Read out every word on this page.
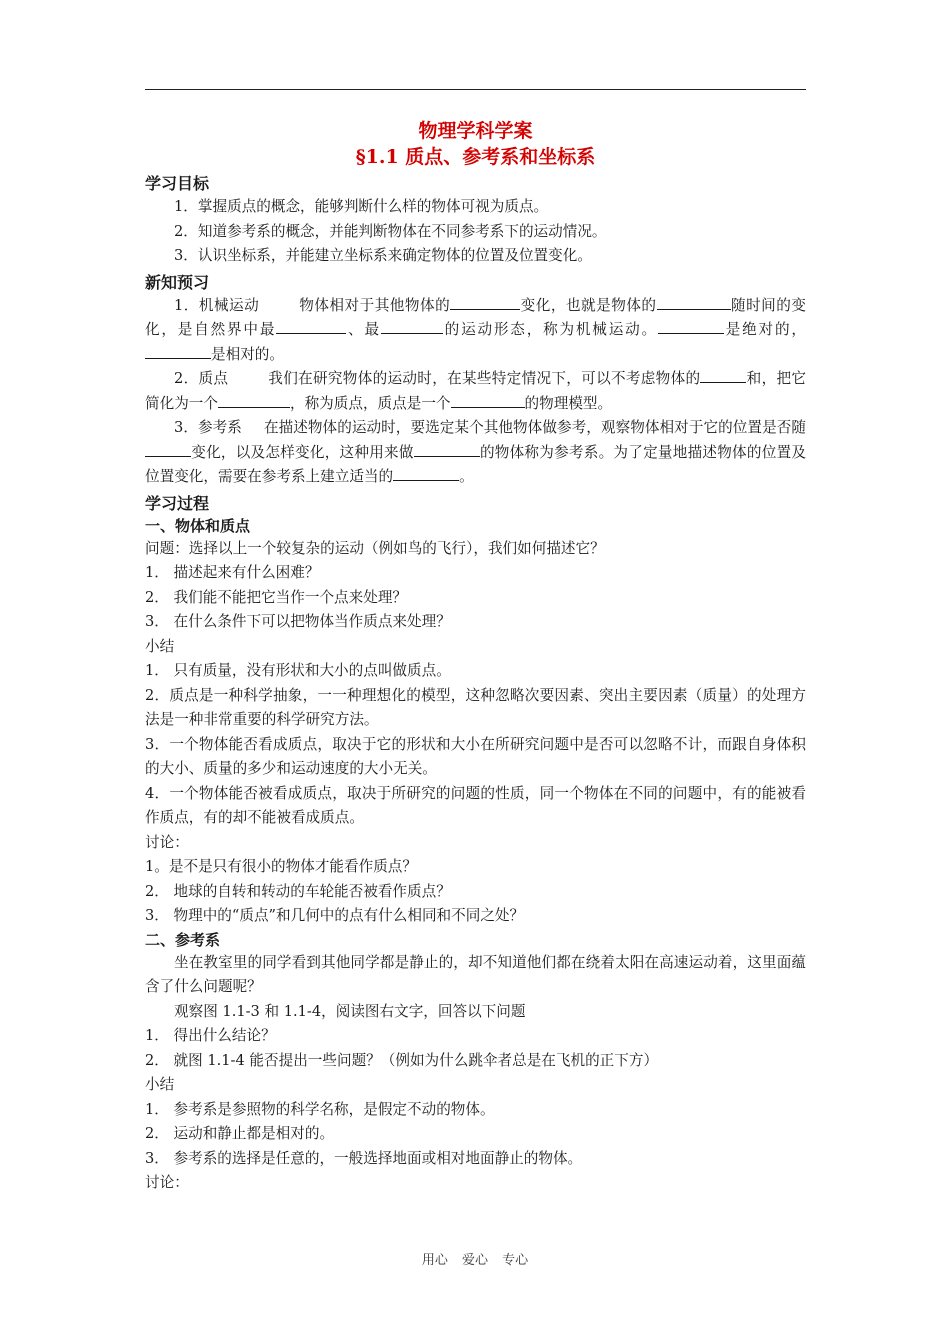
物理学科学案
§1.1 质点、参考系和坐标系
学习目标
1．掌握质点的概念，能够判断什么样的物体可视为质点。
2．知道参考系的概念，并能判断物体在不同参考系下的运动情况。
3．认识坐标系，并能建立坐标系来确定物体的位置及位置变化。
新知预习
1．机械运动	物体相对于其他物体的	变化，也就是物体的	随时间的变化，是自然界中最	、最	的运动形态，称为机械运动。	是绝对的，是相对的。
2．质点	我们在研究物体的运动时，在某些特定情况下，可以不考虑物体的	和，把它简化为一个	，称为质点，质点是一个	的物理模型。
3．参考系 在描述物体的运动时，要选定某个其他物体做参考，观察物体相对于它的位置是否随变化，以及怎样变化，这种用来做	的物体称为参考系。为了定量地描述物体的位置及位置变化，需要在参考系上建立适当的	。
学习过程
一、物体和质点
问题：选择以上一个较复杂的运动（例如鸟的飞行），我们如何描述它？
1． 描述起来有什么困难？
2． 我们能不能把它当作一个点来处理？
3． 在什么条件下可以把物体当作质点来处理？
小结
1． 只有质量，没有形状和大小的点叫做质点。
2．质点是一种科学抽象，一一种理想化的模型，这种忽略次要因素、突出主要因素（质量）的处理方法是一种非常重要的科学研究方法。
3．一个物体能否看成质点，取决于它的形状和大小在所研究问题中是否可以忽略不计，而跟自身体积的大小、质量的多少和运动速度的大小无关。
4．一个物体能否被看成质点，取决于所研究的问题的性质，同一个物体在不同的问题中，有的能被看作质点，有的却不能被看成质点。
讨论：
1。是不是只有很小的物体才能看作质点？
2． 地球的自转和转动的车轮能否被看作质点？
3． 物理中的“质点”和几何中的点有什么相同和不同之处？
二、参考系
坐在教室里的同学看到其他同学都是静止的，却不知道他们都在绕着太阳在高速运动着，这里面蕴含了什么问题呢？
观察图 1.1-3 和 1.1-4，阅读图右文字，回答以下问题
1． 得出什么结论？
2． 就图 1.1-4 能否提出一些问题？（例如为什么跳伞者总是在飞机的正下方）
小结
1． 参考系是参照物的科学名称，是假定不动的物体。
2． 运动和静止都是相对的。
3． 参考系的选择是任意的，一般选择地面或相对地面静止的物体。
讨论：
用心 爱心 专心
